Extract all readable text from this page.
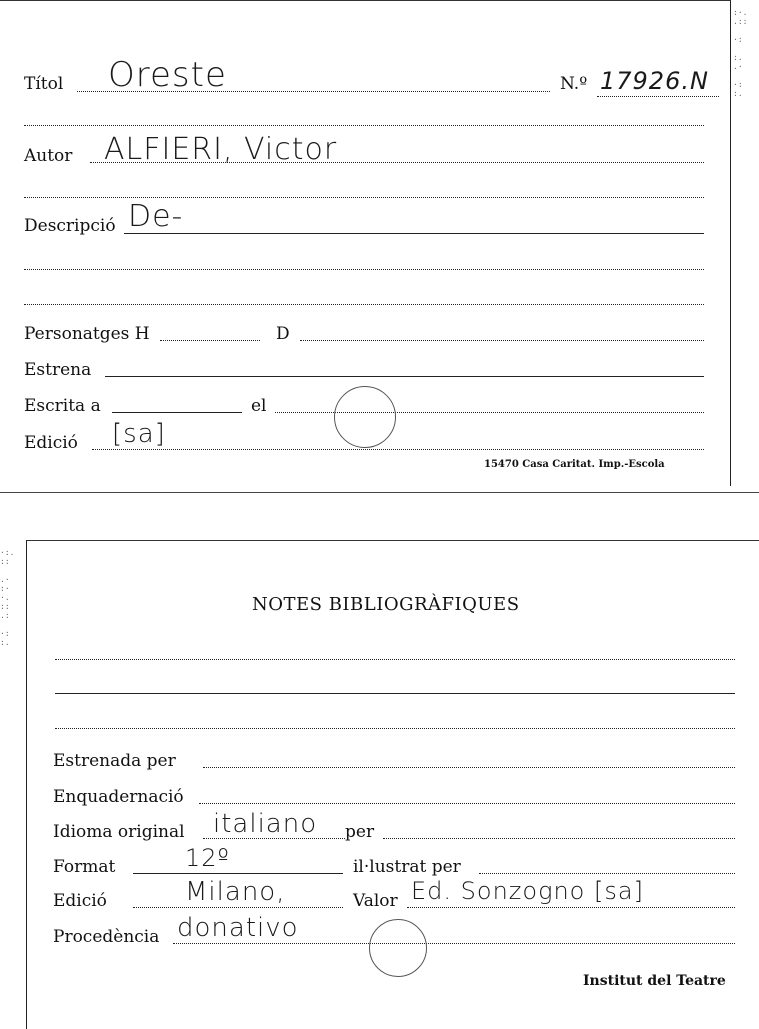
Títol Oreste	N.º 17926.N
Autor ALFIERI, Victor
Descripció De-
Personatges H	D
Estrena
Escrita a	el
Edició [sa]
15470 Casa Caritat. Imp.-Escola
:·.
.::

·:

:.
.·

·:
:.
NOTES BIBLIOGRÀFIQUES
Estrenada per
Enquadernació
Idioma original italiano per
Format	12º	il·lustrat per
Edició	Milano,	Valor Ed. Sonzogno [sa]
Procedència donativo
Institut del Teatre
·:.
::

.·
:·
·.
::
.:

·:
:.
